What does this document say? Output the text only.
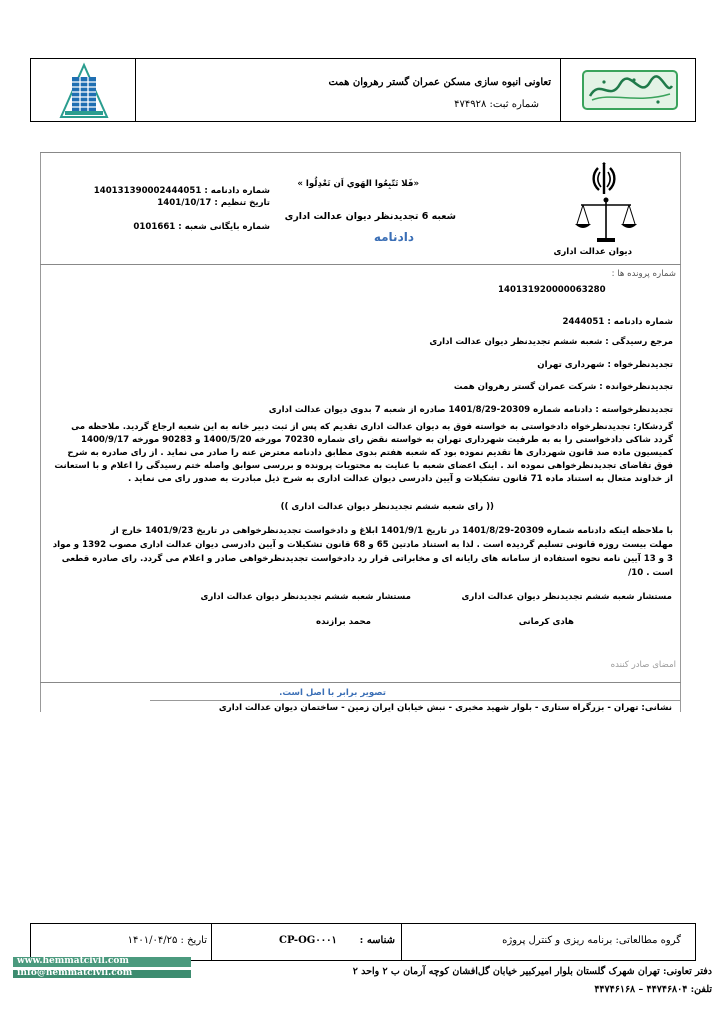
تعاونی انبوه سازی مسکن عمران گستر رهروان همت
شماره ثبت: ۴۷۴۹۲۸
دیوان عدالت اداری
«فَلا تَتّبِعُوا الهَوي اَن تَعْدِلُوا »
شعبه 6 تجدیدنظر دیوان عدالت اداری
دادنامه
شماره دادنامه : 140131390002444051
تاریخ تنظیم : 1401/10/17
شماره بایگانی شعبه : 0101661
شماره پرونده ها :
140131920000063280
شماره دادنامه : 2444051
مرجع رسیدگی : شعبه ششم تجدیدنظر دیوان عدالت اداری
تجدیدنظرخواه : شهرداری تهران
تجدیدنظرخوانده : شرکت عمران گستر رهروان همت
تجدیدنظرخواسته : دادنامه شماره 20309-1401/8/29 صادره از شعبه 7 بدوی دیوان عدالت اداری
گردشکار: تجدیدنظرخواه دادخواستی به خواسته فوق به دیوان عدالت اداری تقدیم که پس از ثبت دبیر خانه به این شعبه ارجاع گردید. ملاحظه می
گردد شاکی دادخواستی را به به طرفیت شهرداری تهران به خواسته نقض رای شماره 70230 مورخه 1400/5/20 و 90283 مورخه 1400/9/17
کمیسیون ماده صد قانون شهرداری ها تقدیم نموده بود که شعبه هفتم بدوی مطابق دادنامه معترض عنه را صادر می نماید . از رای صادره به شرح
فوق تقاضای تجدیدنظرخواهی نموده اند . اینک اعضای شعبه با عنایت به محتویات پرونده و بررسی سوابق واصله ختم رسیدگی را اعلام و با استعانت
از خداوند متعال به استناد ماده 71 قانون تشکیلات و آیین دادرسی دیوان عدالت اداری به شرح ذیل مبادرت به صدور رای می نماید .
(( رای شعبه ششم تجدیدنظر دیوان عدالت اداری ))
با ملاحظه اینکه دادنامه شماره 20309-1401/8/29 در تاریخ 1401/9/1 ابلاغ و دادخواست تجدیدنظرخواهی در تاریخ 1401/9/23 خارج از
مهلت بیست روزه قانونی تسلیم گردیده است . لذا به استناد مادتین 65 و 68 قانون تشکیلات و آیین دادرسی دیوان عدالت اداری مصوب 1392 و مواد
3 و 13 آیین نامه نحوه استفاده از سامانه های رایانه ای و مخابراتی قرار رد دادخواست تجدیدنظرخواهی صادر و اعلام می گردد. رای صادره قطعی
است . 10/
مستشار شعبه ششم تجدیدنظر دیوان عدالت اداری
هادی کرمانی
مستشار شعبه ششم تجدیدنظر دیوان عدالت اداری
محمد برازنده
امضای صادر کننده
تصویر برابر با اصل است.
نشانی: تهران - بزرگراه ستاری - بلوار شهید مخبری - نبش خیابان ایران زمین - ساختمان دیوان عدالت اداری
گروه مطالعاتی: برنامه ریزی و کنترل پروژه
شناسه :
CP-OG۰۰۰۱
تاریخ : ۱۴۰۱/۰۴/۲۵
www.hemmatcivil.com
info@hemmatcivil.com	دفتر تعاونی: تهران شهرک گلستان بلوار امیرکبیر خیابان گل‌افشان کوچه آرمان ب ۲ واحد ۲
تلفن: ۴۴۷۴۶۸۰۴ – ۴۴۷۴۶۱۶۸
